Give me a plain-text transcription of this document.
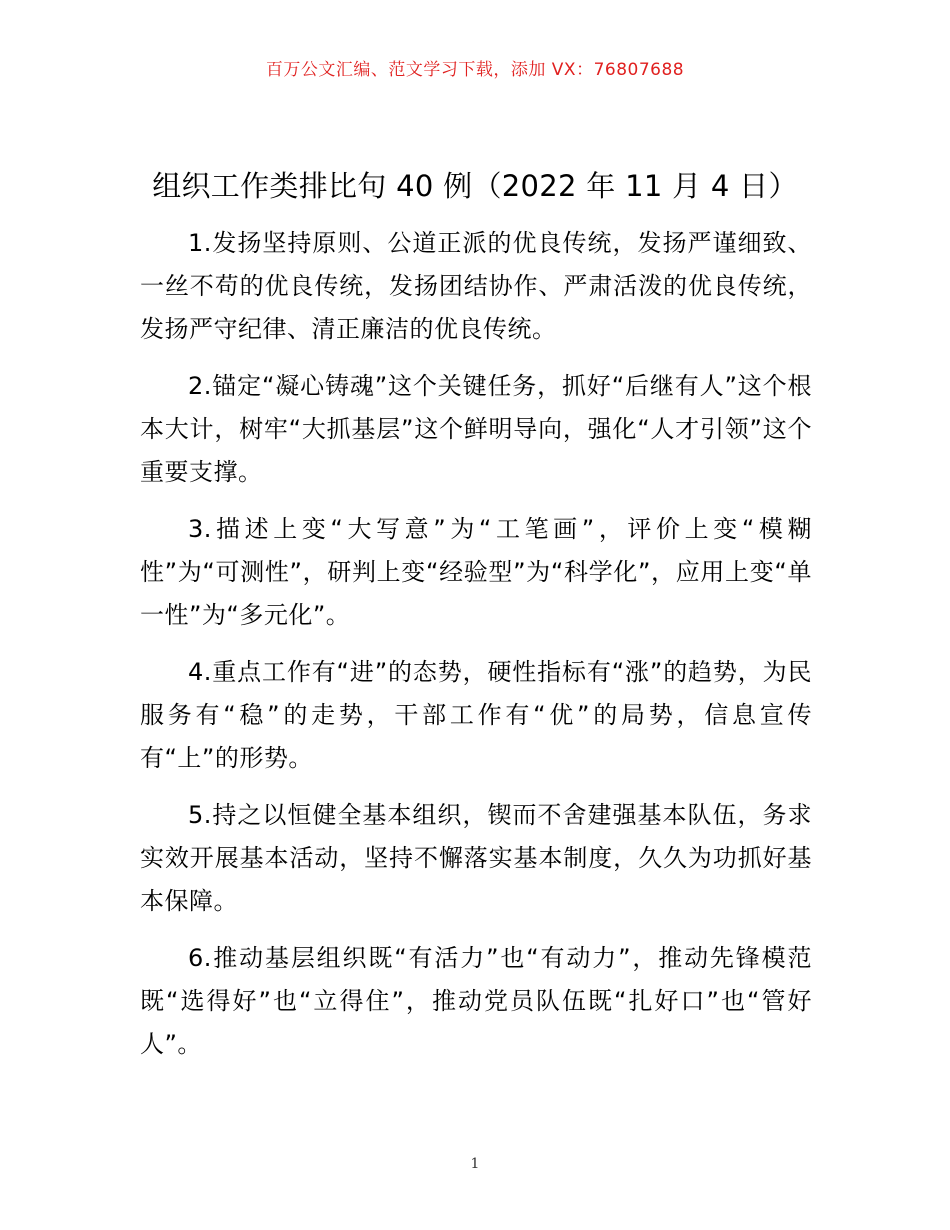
百万公文汇编、范文学习下载，添加 VX：76807688
组织工作类排比句 40 例（2022 年 11 月 4 日）

1.发扬坚持原则、公道正派的优良传统，发扬严谨细致、一丝不苟的优良传统，发扬团结协作、严肃活泼的优良传统，发扬严守纪律、清正廉洁的优良传统。

2.锚定“凝心铸魂”这个关键任务，抓好“后继有人”这个根本大计，树牢“大抓基层”这个鲜明导向，强化“人才引领”这个重要支撑。

3.描述上变“大写意”为“工笔画”，评价上变“模糊性”为“可测性”，研判上变“经验型”为“科学化”，应用上变“单一性”为“多元化”。

4.重点工作有“进”的态势，硬性指标有“涨”的趋势，为民服务有“稳”的走势，干部工作有“优”的局势，信息宣传有“上”的形势。

5.持之以恒健全基本组织，锲而不舍建强基本队伍，务求实效开展基本活动，坚持不懈落实基本制度，久久为功抓好基本保障。

6.推动基层组织既“有活力”也“有动力”，推动先锋模范既“选得好”也“立得住”，推动党员队伍既“扎好口”也“管好人”。

1
